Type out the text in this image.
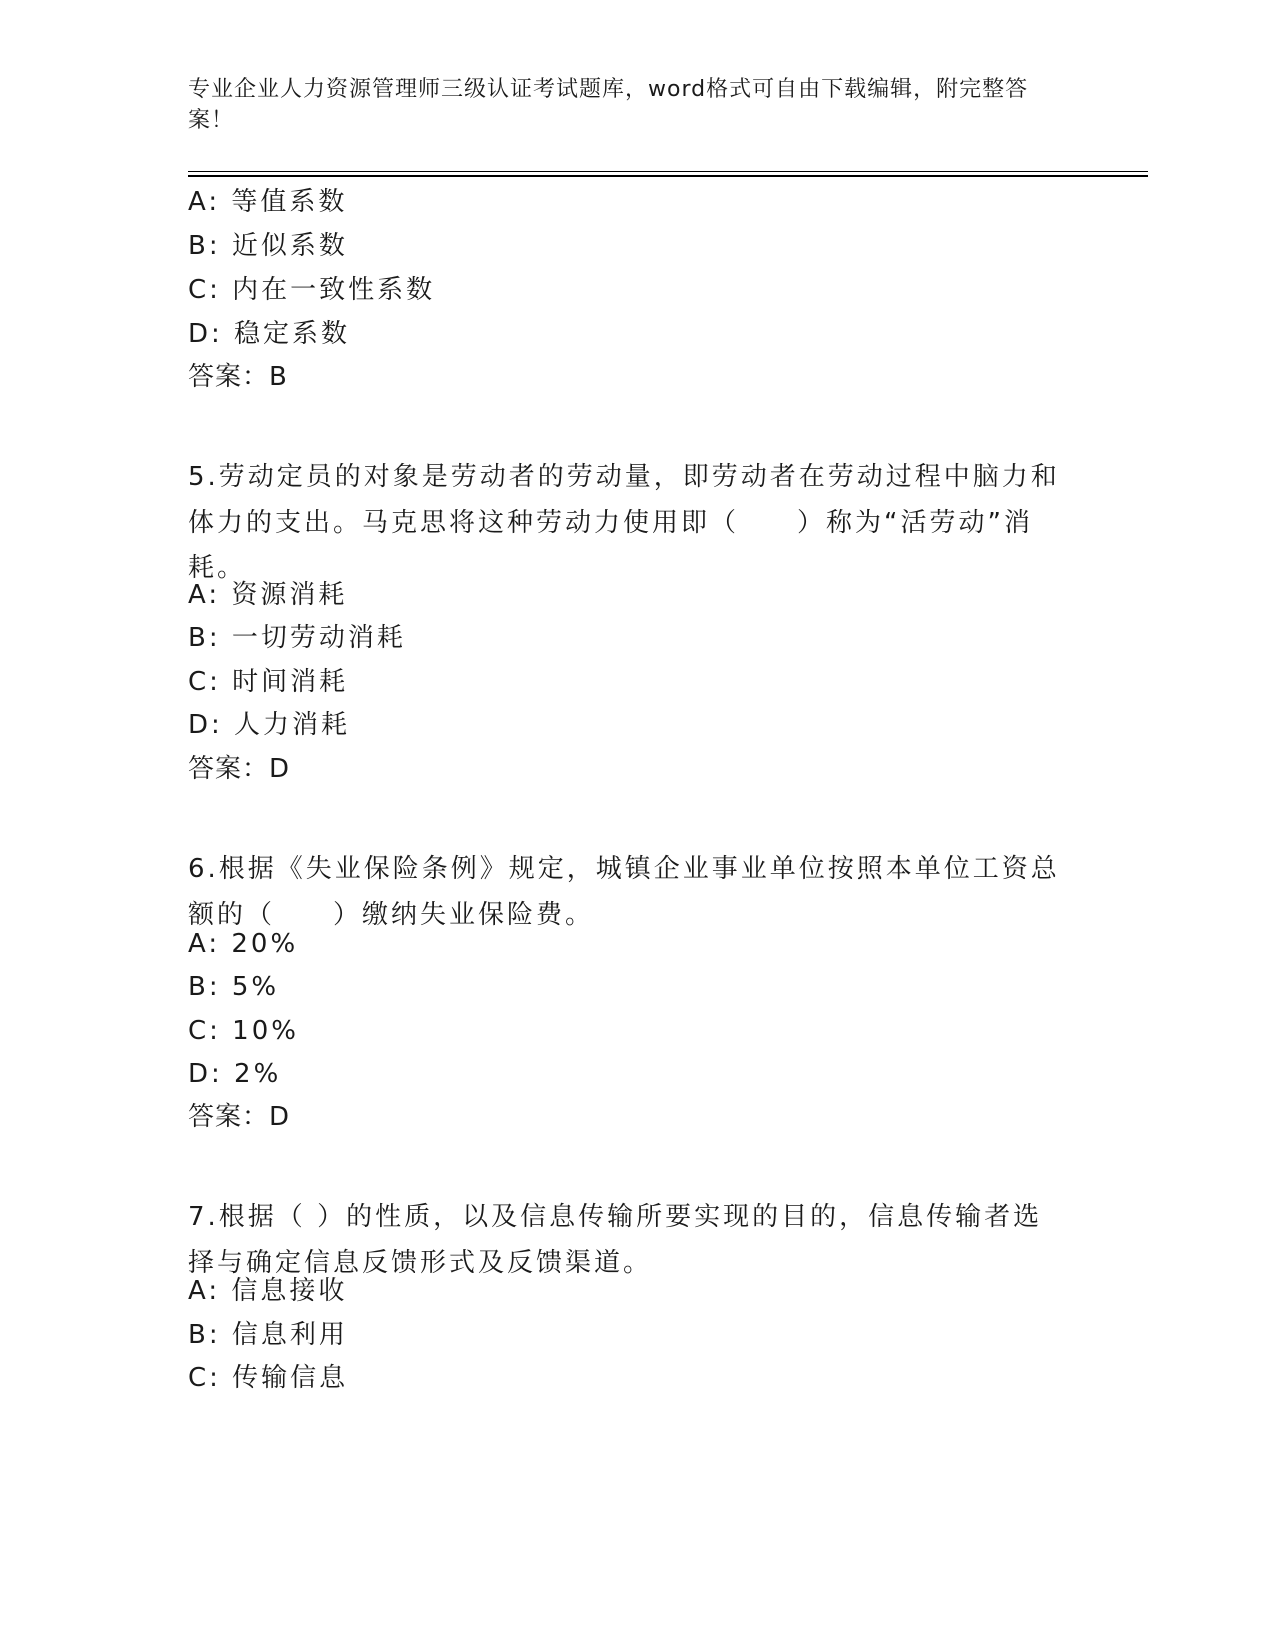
专业企业人力资源管理师三级认证考试题库，word格式可自由下载编辑，附完整答案！
A: 等值系数
B: 近似系数
C: 内在一致性系数
D: 稳定系数
答案：B
5.劳动定员的对象是劳动者的劳动量，即劳动者在劳动过程中脑力和体力的支出。马克思将这种劳动力使用即（　　）称为“活劳动”消耗。
A: 资源消耗
B: 一切劳动消耗
C: 时间消耗
D: 人力消耗
答案：D
6.根据《失业保险条例》规定，城镇企业事业单位按照本单位工资总额的（　　）缴纳失业保险费。
A: 20%
B: 5%
C: 10%
D: 2%
答案：D
7.根据（ ）的性质，以及信息传输所要实现的目的，信息传输者选择与确定信息反馈形式及反馈渠道。
A: 信息接收
B: 信息利用
C: 传输信息
